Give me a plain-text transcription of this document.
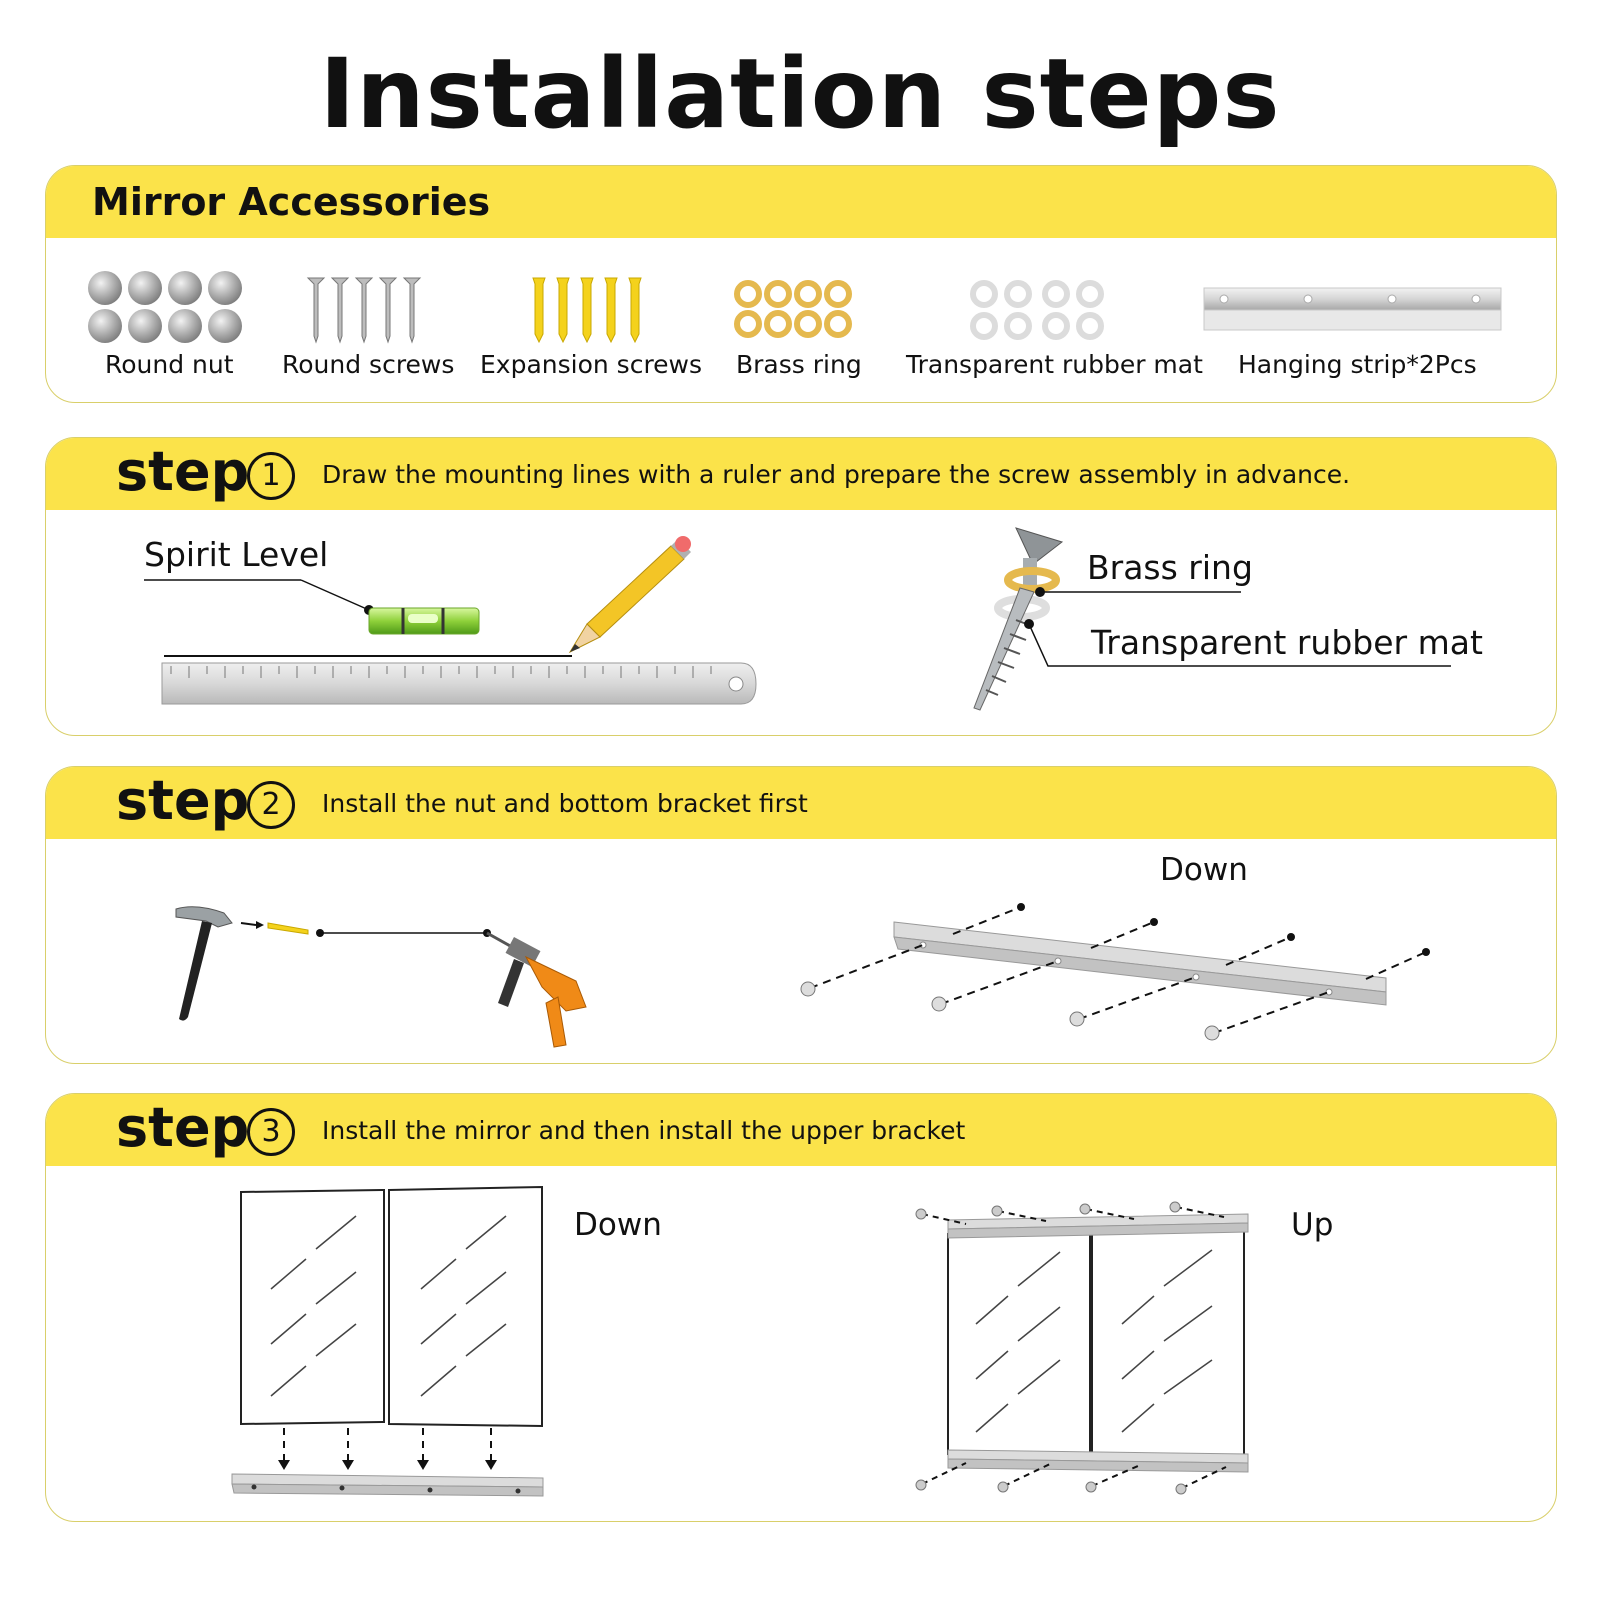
Installation steps
Mirror Accessories
Round nut Round screws Expansion screws Brass ring Transparent rubber mat Hanging strip*2Pcs
step 1	Draw the mounting lines with a ruler and prepare the screw assembly in advance.
Spirit Level	Brass ring
Transparent rubber mat
step 2	Install the nut and bottom bracket first
Down
step 3	Install the mirror and then install the upper bracket
Down	Up
